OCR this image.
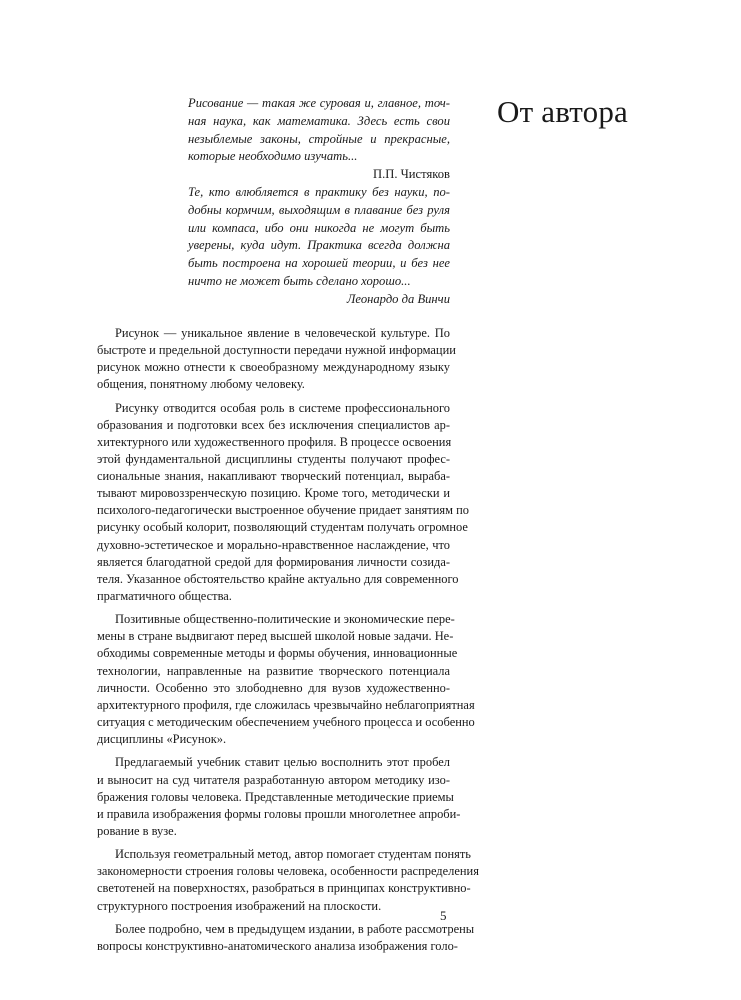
От автора
Рисование — такая же суровая и, главное, точ-
ная наука, как математика. Здесь есть свои
незыблемые законы, стройные и прекрасные,
которые необходимо изучать...
П.П. Чистяков
Те, кто влюбляется в практику без науки, по-
добны кормчим, выходящим в плавание без руля
или компаса, ибо они никогда не могут быть
уверены, куда идут. Практика всегда должна
быть построена на хорошей теории, и без нее
ничто не может быть сделано хорошо...
Леонардо да Винчи

Рисунок — уникальное явление в человеческой культуре. По
быстроте и предельной доступности передачи нужной информации
рисунок можно отнести к своеобразному международному языку
общения, понятному любому человеку.

Рисунку отводится особая роль в системе профессионального
образования и подготовки всех без исключения специалистов ар-
хитектурного или художественного профиля. В процессе освоения
этой фундаментальной дисциплины студенты получают профес-
сиональные знания, накапливают творческий потенциал, выраба-
тывают мировоззренческую позицию. Кроме того, методически и
психолого-педагогически выстроенное обучение придает занятиям по
рисунку особый колорит, позволяющий студентам получать огромное
духовно-эстетическое и морально-нравственное наслаждение, что
является благодатной средой для формирования личности созида-
теля. Указанное обстоятельство крайне актуально для современного
прагматичного общества.

Позитивные общественно-политические и экономические пере-
мены в стране выдвигают перед высшей школой новые задачи. Не-
обходимы современные методы и формы обучения, инновационные
технологии, направленные на развитие творческого потенциала
личности. Особенно это злободневно для вузов художественно-
архитектурного профиля, где сложилась чрезвычайно неблагоприятная
ситуация с методическим обеспечением учебного процесса и особенно
дисциплины «Рисунок».

Предлагаемый учебник ставит целью восполнить этот пробел
и выносит на суд читателя разработанную автором методику изо-
бражения головы человека. Представленные методические приемы
и правила изображения формы головы прошли многолетнее апроби-
рование в вузе.

Используя геометральный метод, автор помогает студентам понять
закономерности строения головы человека, особенности распределения
светотеней на поверхностях, разобраться в принципах конструктивно-
структурного построения изображений на плоскости.

Более подробно, чем в предыдущем издании, в работе рассмотрены
вопросы конструктивно-анатомического анализа изображения голо-

5
